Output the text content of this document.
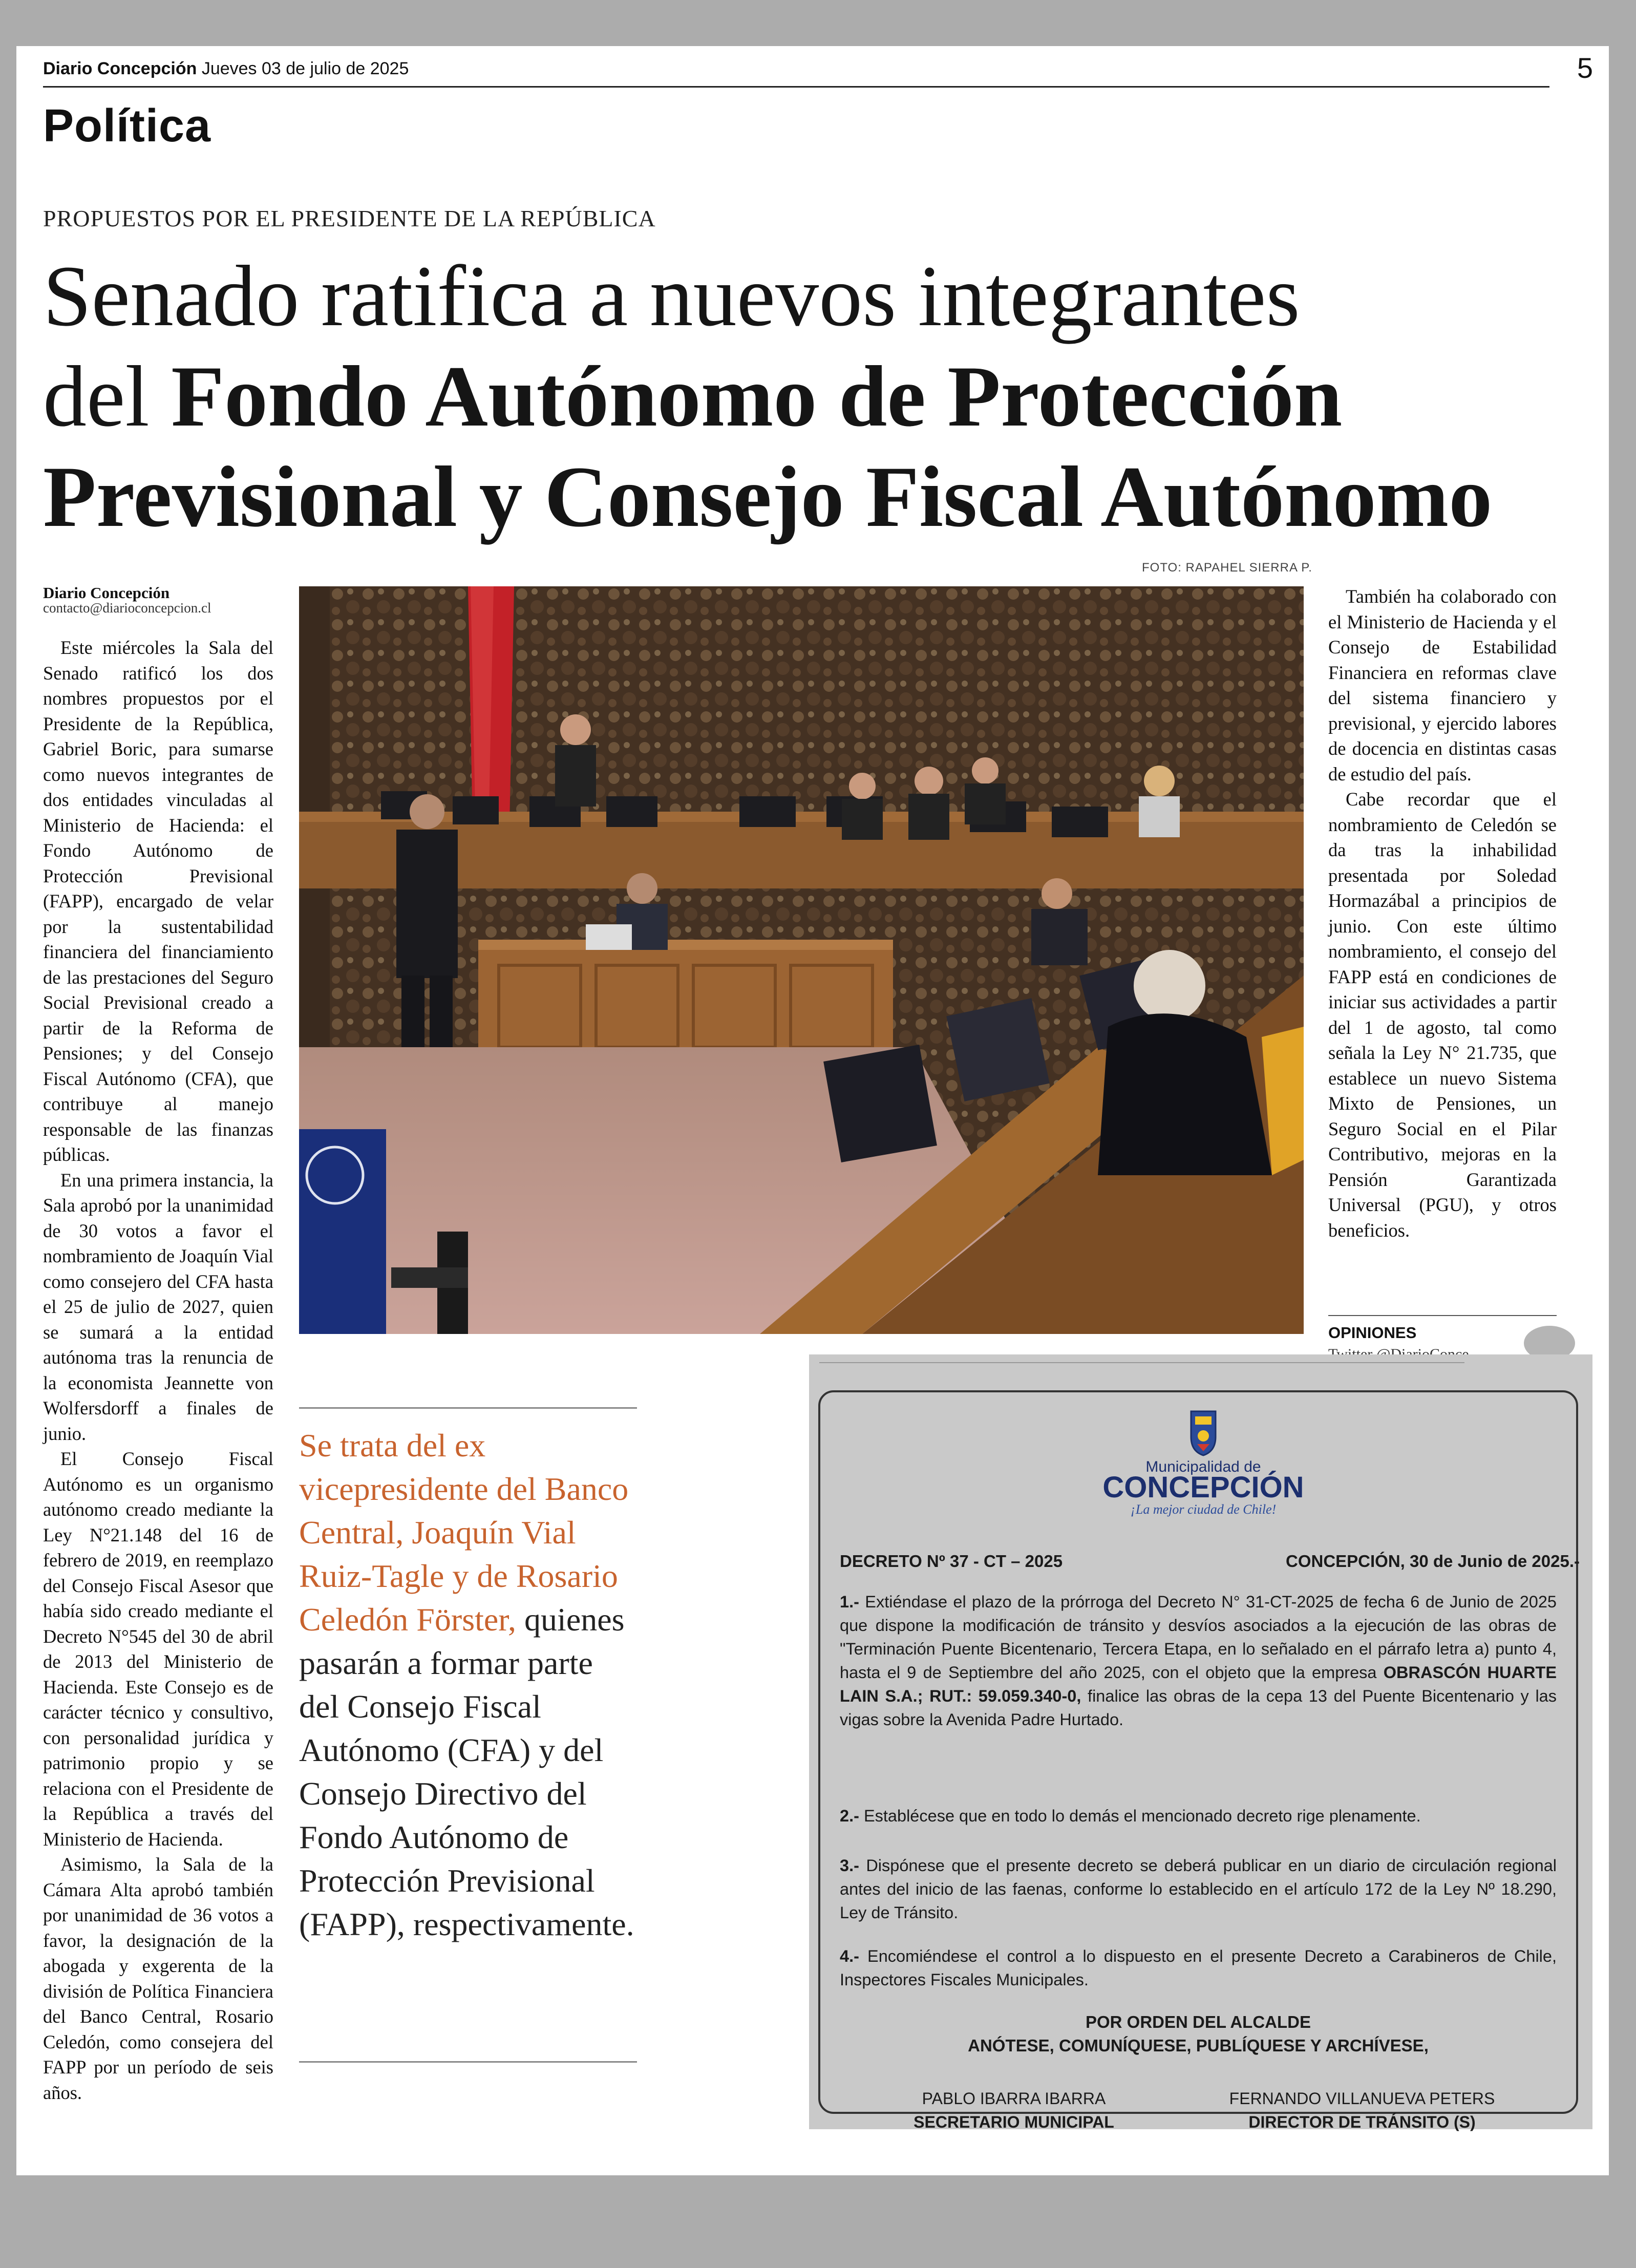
Diario Concepción Jueves 03 de julio de 2025	5
Política
PROPUESTOS POR EL PRESIDENTE DE LA REPÚBLICA
Senado ratifica a nuevos integrantes
del Fondo Autónomo de Protección
Previsional y Consejo Fiscal Autónomo
FOTO: RAPAHEL SIERRA P.
Diario Concepción
contacto@diarioconcepcion.cl

Este miércoles la Sala del Senado ratificó los dos nombres propuestos por el Presidente de la República, Gabriel Boric, para sumarse como nuevos integrantes de dos entidades vinculadas al Ministerio de Hacienda: el Fondo Autónomo de Protección Previsional (FAPP), encargado de velar por la sustentabilidad financiera del financiamiento de las prestaciones del Seguro Social Previsional creado a partir de la Reforma de Pensiones; y del Consejo Fiscal Autónomo (CFA), que contribuye al manejo responsable de las finanzas públicas.

En una primera instancia, la Sala aprobó por la unanimidad de 30 votos a favor el nombramiento de Joaquín Vial como consejero del CFA hasta el 25 de julio de 2027, quien se sumará a la entidad autónoma tras la renuncia de la economista Jeannette von Wolfersdorff a finales de junio.

El Consejo Fiscal Autónomo es un organismo autónomo creado mediante la Ley N°21.148 del 16 de febrero de 2019, en reemplazo del Consejo Fiscal Asesor que había sido creado mediante el Decreto N°545 del 30 de abril de 2013 del Ministerio de Hacienda. Este Consejo es de carácter técnico y consultivo, con personalidad jurídica y patrimonio propio y se relaciona con el Presidente de la República a través del Ministerio de Hacienda.

Asimismo, la Sala de la Cámara Alta aprobó también por unanimidad de 36 votos a favor, la designación de la abogada y exgerenta de la división de Política Financiera del Banco Central, Rosario Celedón, como consejera del FAPP por un período de seis años.

También ha colaborado con el Ministerio de Hacienda y el Consejo de Estabilidad Financiera en reformas clave del sistema financiero y previsional, y ejercido labores de docencia en distintas casas de estudio del país.

Cabe recordar que el nombramiento de Celedón se da tras la inhabilidad presentada por Soledad Hormazábal a principios de junio. Con este último nombramiento, el consejo del FAPP está en condiciones de iniciar sus actividades a partir del 1 de agosto, tal como señala la Ley N° 21.735, que establece un nuevo Sistema Mixto de Pensiones, un Seguro Social en el Pilar Contributivo, mejoras en la Pensión Garantizada Universal (PGU), y otros beneficios.

OPINIONES
Se trata del ex vicepresidente del Banco Central, Joaquín Vial Ruiz-Tagle y de Rosario Celedón Förster, quienes pasarán a formar parte del Consejo Fiscal Autónomo (CFA) y del Consejo Directivo del Fondo Autónomo de Protección Previsional (FAPP), respectivamente.
Municipalidad de
CONCEPCIÓN
¡La mejor ciudad de Chile!
DECRETO Nº 37 - CT – 2025	CONCEPCIÓN, 30 de Junio de 2025.-
1.- Extiéndase el plazo de la prórroga del Decreto N° 31-CT-2025 de fecha 6 de Junio de 2025 que dispone la modificación de tránsito y desvíos asociados a la ejecución de las obras de "Terminación Puente Bicentenario, Tercera Etapa, en lo señalado en el párrafo letra a) punto 4, hasta el 9 de Septiembre del año 2025, con el objeto que la empresa OBRASCÓN HUARTE LAIN S.A.; RUT.: 59.059.340-0, finalice las obras de la cepa 13 del Puente Bicentenario y las vigas sobre la Avenida Padre Hurtado.
2.- Establécese que en todo lo demás el mencionado decreto rige plenamente.
3.- Dispónese que el presente decreto se deberá publicar en un diario de circulación regional antes del inicio de las faenas, conforme lo establecido en el artículo 172 de la Ley Nº 18.290, Ley de Tránsito.
4.- Encomiéndese el control a lo dispuesto en el presente Decreto a Carabineros de Chile, Inspectores Fiscales Municipales.
POR ORDEN DEL ALCALDE
ANÓTESE, COMUNÍQUESE, PUBLÍQUESE Y ARCHÍVESE,
PABLO IBARRA IBARRA
SECRETARIO MUNICIPAL
FERNANDO VILLANUEVA PETERS
DIRECTOR DE TRÁNSITO (S)
